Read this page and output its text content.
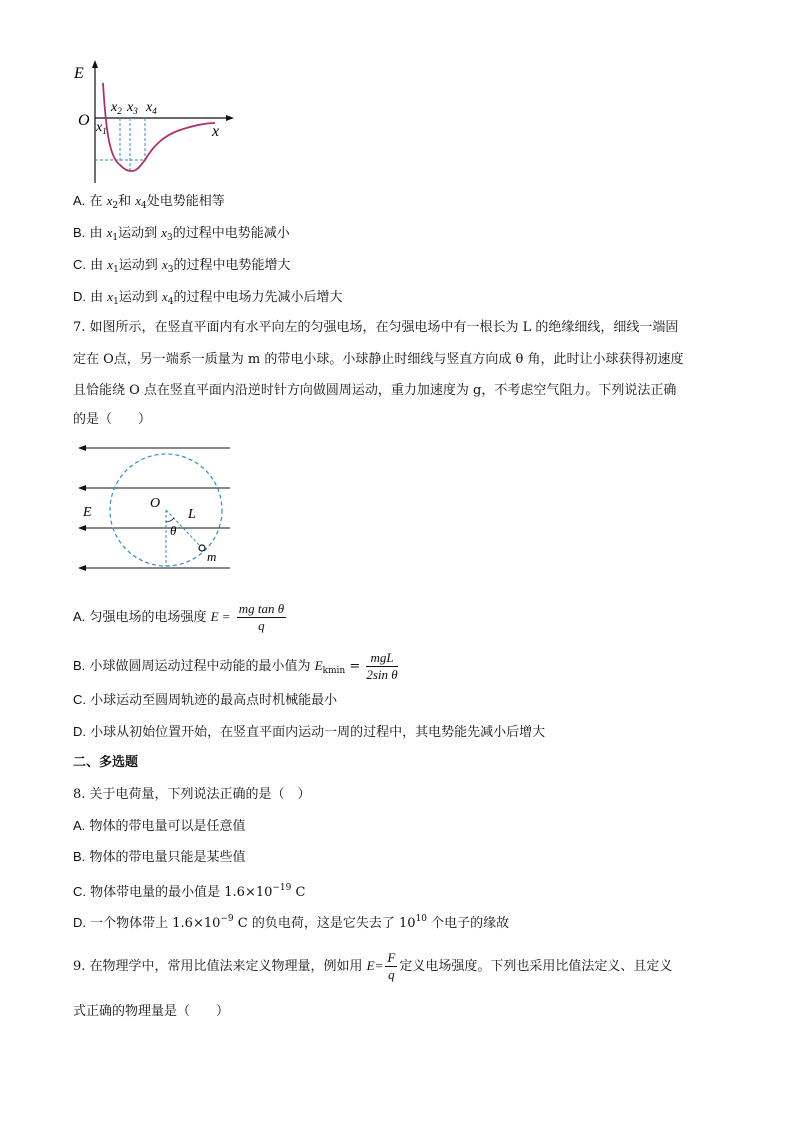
E
O
x
$x_1$
$x_2$ $x_3$ $x_4$
A. 在 $x_2$和 $x_4$处电势能相等
B. 由 $x_1$运动到 $x_3$的过程中电势能减小
C. 由 $x_1$运动到 $x_3$的过程中电势能增大
D. 由 $x_1$运动到 $x_4$的过程中电场力先减小后增大
7. 如图所示，在竖直平面内有水平向左的匀强电场，在匀强电场中有一根长为 L 的绝缘细线，细线一端固
定在 O点，另一端系一质量为 m 的带电小球。小球静止时细线与竖直方向成 θ 角，此时让小球获得初速度
且恰能绕 O 点在竖直平面内沿逆时针方向做圆周运动，重力加速度为 g，不考虑空气阻力。下列说法正确
的是（　　）
E
O
L
θ
m
A. 匀强电场的电场强度 $E = \frac{\text{mg tan θ}}{q}$
B. 小球做圆周运动过程中动能的最小值为 $E_{kmin} = \frac{\text{mgL}}{\text{2sin θ}}$
C. 小球运动至圆周轨迹的最高点时机械能最小
D. 小球从初始位置开始，在竖直平面内运动一周的过程中，其电势能先减小后增大
二、多选题
8. 关于电荷量，下列说法正确的是（　）
A. 物体的带电量可以是任意值
B. 物体的带电量只能是某些值
C. 物体带电量的最小值是 $1.6\times 10^{-19}$ C
D. 一个物体带上 $1.6\times 10^{-9}$ C 的负电荷，这是它失去了 $10^{10}$ 个电子的缘故
9. 在物理学中，常用比值法来定义物理量，例如用 $E= \frac{F}{q}$ 定义电场强度。下列也采用比值法定义、且定义
式正确的物理量是（　　）
